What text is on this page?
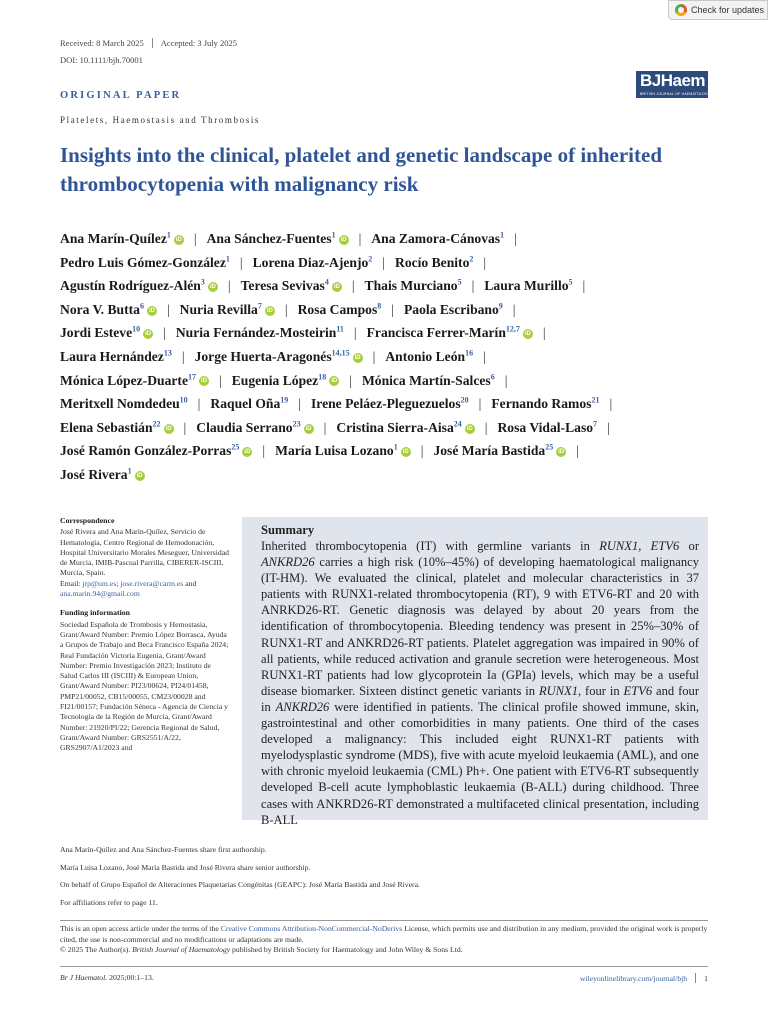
Check for updates
Received: 8 March 2025 Accepted: 3 July 2025
DOI: 10.1111/bjh.70001
BJHaem
BRITISH JOURNAL OF HAEMATOLOGY
ORIGINAL PAPER
Platelets, Haemostasis and Thrombosis
Insights into the clinical, platelet and genetic landscape of inherited thrombocytopenia with malignancy risk
Ana Marín-Quílez$^1$iD | Ana Sánchez-Fuentes$^1$iD | Ana Zamora-Cánovas$^1$ |
Pedro Luis Gómez-González$^1$ | Lorena Diaz-Ajenjo$^2$ | Rocío Benito$^2$ |
Agustín Rodríguez-Alén$^3$iD | Teresa Sevivas$^4$iD | Thais Murciano$^5$ | Laura Murillo$^5$ |
Nora V. Butta$^6$iD | Nuria Revilla$^7$iD | Rosa Campos$^8$ | Paola Escribano$^9$ |
Jordi Esteve$^{10}$iD | Nuria Fernández-Mosteirin$^{11}$ | Francisca Ferrer-Marín$^{12,7}$iD |
Laura Hernández$^{13}$ | Jorge Huerta-Aragonés$^{14,15}$iD | Antonio León$^{16}$ |
Mónica López-Duarte$^{17}$iD | Eugenia López$^{18}$iD | Mónica Martín-Salces$^6$ |
Meritxell Nomdedeu$^{10}$ | Raquel Oña$^{19}$ | Irene Peláez-Pleguezuelos$^{20}$ | Fernando Ramos$^{21}$ |
Elena Sebastián$^{22}$iD | Claudia Serrano$^{23}$iD | Cristina Sierra-Aisa$^{24}$iD | Rosa Vidal-Laso$^7$ |
José Ramón González-Porras$^{25}$iD | María Luisa Lozano$^1$iD | José María Bastida$^{25}$iD |
José Rivera$^1$iD
Correspondence
José Rivera and Ana Marín-Quílez, Servicio de Hematología, Centro Regional de Hemodonación, Hospital Universitario Morales Meseguer, Universidad de Murcia, IMIB-Pascual Parrilla, CIBERER-ISCIII, Murcia, Spain.
Email: jrp@um.es; jose.rivera@carm.es and ana.marin.94@gmail.com
Funding information
Sociedad Española de Trombosis y Hemostasia, Grant/Award Number: Premio López Borrasca, Ayuda a Grupos de Trabajo and Beca Francisco España 2024; Real Fundación Victoria Eugenia, Grant/Award Number: Premio Investigación 2023; Instituto de Salud Carlos III (ISCIII) & European Union, Grant/Award Number: PI23/00624, PI24/01458, PMP21/00052, CB15/00055, CM23/00028 and FI21/00157; Fundación Séneca - Agencia de Ciencia y Tecnología de la Región de Murcia, Grant/Award Number: 21920/PI/22; Gerencia Regional de Salud, Grant/Award Number: GRS2551/A/22, GRS2907/A1/2023 and
Summary

Inherited thrombocytopenia (IT) with germline variants in RUNX1, ETV6 or ANKRD26 carries a high risk (10%–45%) of developing haematological malignancy (IT-HM). We evaluated the clinical, platelet and molecular characteristics in 37 patients with RUNX1-related thrombocytopenia (RT), 9 with ETV6-RT and 20 with ANRKD26-RT. Genetic diagnosis was delayed by about 20 years from the identification of thrombocytopenia. Bleeding tendency was present in 25%–30% of RUNX1-RT and ANKRD26-RT patients. Platelet aggregation was impaired in 90% of all patients, while reduced activation and granule secretion were heterogeneous. Most RUNX1-RT patients had low glycoprotein Ia (GPIa) levels, which may be a useful disease biomarker. Sixteen distinct genetic variants in RUNX1, four in ETV6 and four in ANKRD26 were identified in patients. The clinical profile showed immune, skin, gastrointestinal and other comorbidities in many patients. One third of the cases developed a malignancy: This included eight RUNX1-RT patients with myelodysplastic syndrome (MDS), five with acute myeloid leukaemia (AML), and one with chronic myeloid leukaemia (CML) Ph+. One patient with ETV6-RT subsequently developed B-cell acute lymphoblastic leukaemia (B-ALL) during childhood. Three cases with ANKRD26-RT demonstrated a multifaceted clinical presentation, including B-ALL

Ana Marín-Quílez and Ana Sánchez-Fuentes share first authorship.
María Luisa Lozano, José María Bastida and José Rivera share senior authorship.
On behalf of Grupo Español de Alteraciones Plaquetarias Congénitas (GEAPC): José María Bastida and José Rivera.
For affiliations refer to page 11.
This is an open access article under the terms of the Creative Commons Attribution-NonCommercial-NoDerivs License, which permits use and distribution in any medium, provided the original work is properly cited, the use is non-commercial and no modifications or adaptations are made.
© 2025 The Author(s). British Journal of Haematology published by British Society for Haematology and John Wiley & Sons Ltd.
Br J Haematol. 2025;00:1–13.	wileyonlinelibrary.com/journal/bjh 1
